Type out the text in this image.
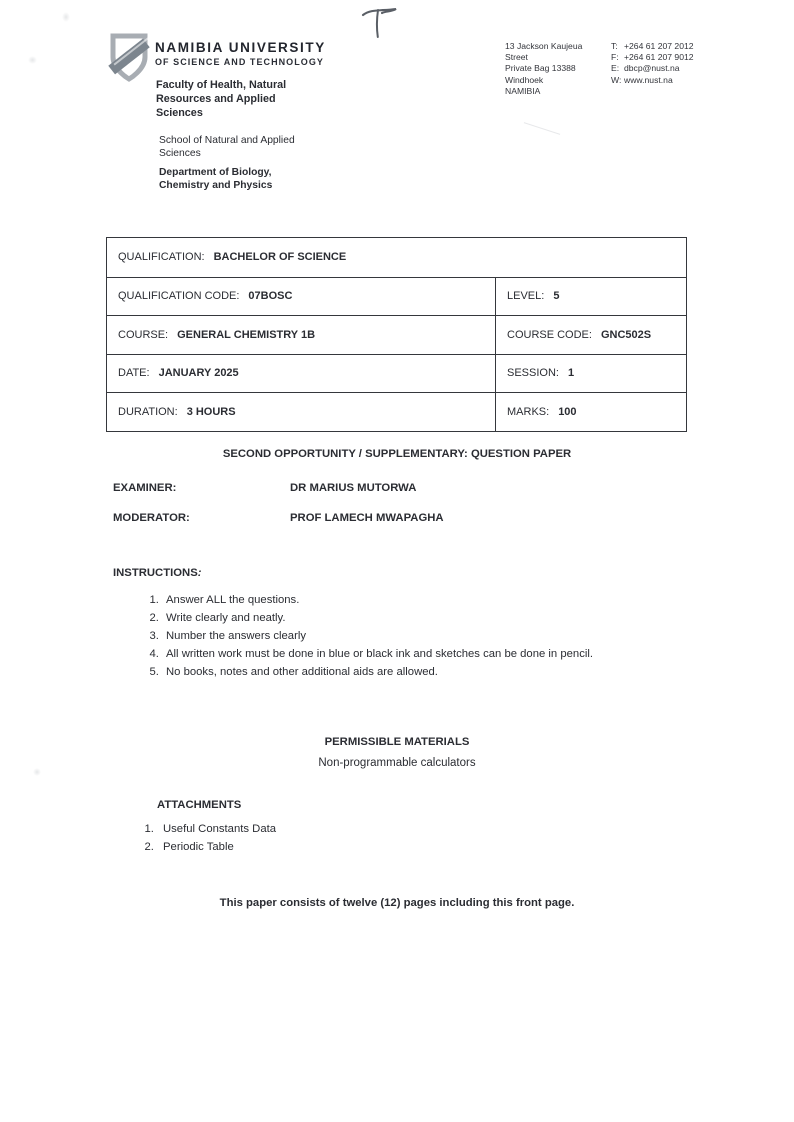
NAMIBIA UNIVERSITY
OF SCIENCE AND TECHNOLOGY
Faculty of Health, Natural Resources and Applied Sciences
School of Natural and Applied Sciences
Department of Biology, Chemistry and Physics
13 Jackson Kaujeua Street
Private Bag 13388
Windhoek
NAMIBIA
T: +264 61 207 2012
F: +264 61 207 9012
E: dbcp@nust.na
W: www.nust.na
QUALIFICATION: BACHELOR OF SCIENCE
QUALIFICATION CODE: 07BOSC	LEVEL: 5
COURSE: GENERAL CHEMISTRY 1B	COURSE CODE: GNC502S
DATE: JANUARY 2025	SESSION: 1
DURATION: 3 HOURS	MARKS: 100
SECOND OPPORTUNITY / SUPPLEMENTARY: QUESTION PAPER
EXAMINER:	DR MARIUS MUTORWA
MODERATOR:	PROF LAMECH MWAPAGHA
INSTRUCTIONS:
1. Answer ALL the questions.
2. Write clearly and neatly.
3. Number the answers clearly
4. All written work must be done in blue or black ink and sketches can be done in pencil.
5. No books, notes and other additional aids are allowed.
PERMISSIBLE MATERIALS
Non-programmable calculators
ATTACHMENTS
1. Useful Constants Data
2. Periodic Table
This paper consists of twelve (12) pages including this front page.
